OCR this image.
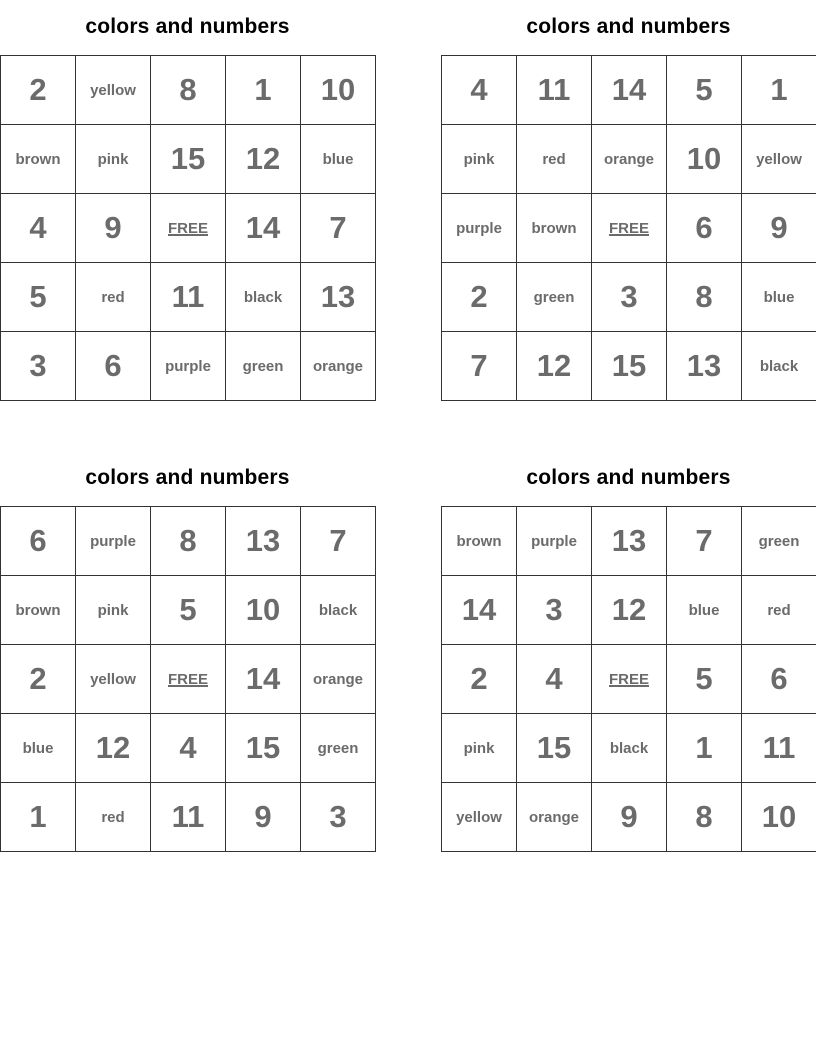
colors and numbers
2	yellow	8	1	10
brown	pink	15	12	blue
4	9	FREE	14	7
5	red	11	black	13
3	6	purple	green	orange
colors and numbers
4	11	14	5	1
pink	red	orange	10	yellow
purple	brown	FREE	6	9
2	green	3	8	blue
7	12	15	13	black
colors and numbers
6	purple	8	13	7
brown	pink	5	10	black
2	yellow	FREE	14	orange
blue	12	4	15	green
1	red	11	9	3
colors and numbers
brown	purple	13	7	green
14	3	12	blue	red
2	4	FREE	5	6
pink	15	black	1	11
yellow	orange	9	8	10
